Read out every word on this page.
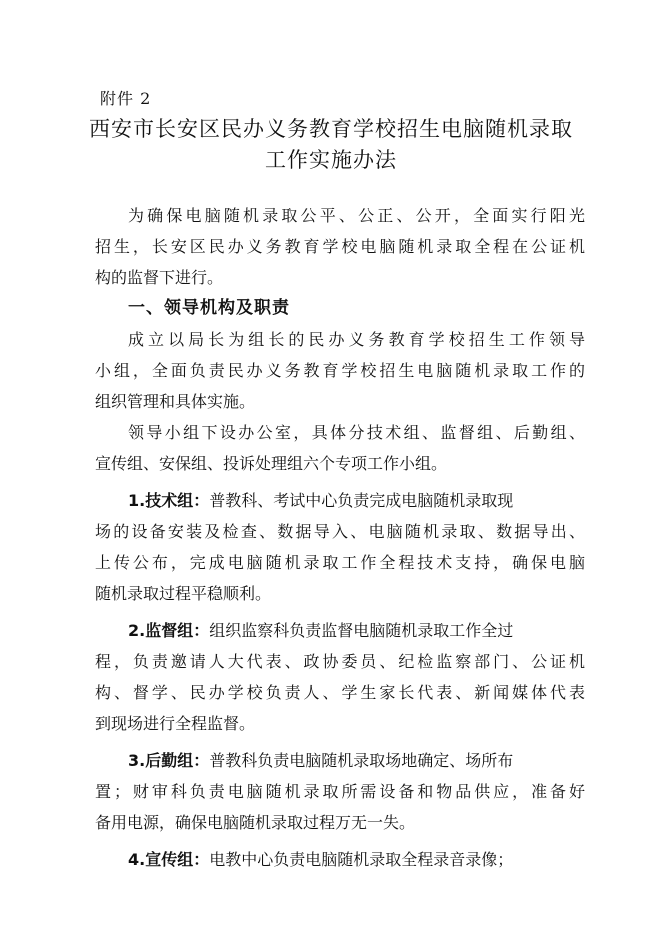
附件 2
西安市长安区民办义务教育学校招生电脑随机录取
工作实施办法
为确保电脑随机录取公平、公正、公开，全面实行阳光
招生，长安区民办义务教育学校电脑随机录取全程在公证机
构的监督下进行。
一、领导机构及职责
成立以局长为组长的民办义务教育学校招生工作领导
小组，全面负责民办义务教育学校招生电脑随机录取工作的
组织管理和具体实施。
领导小组下设办公室，具体分技术组、监督组、后勤组、
宣传组、安保组、投诉处理组六个专项工作小组。
1.技术组：普教科、考试中心负责完成电脑随机录取现
场的设备安装及检查、数据导入、电脑随机录取、数据导出、
上传公布，完成电脑随机录取工作全程技术支持，确保电脑
随机录取过程平稳顺利。
2.监督组：组织监察科负责监督电脑随机录取工作全过
程，负责邀请人大代表、政协委员、纪检监察部门、公证机
构、督学、民办学校负责人、学生家长代表、新闻媒体代表
到现场进行全程监督。
3.后勤组：普教科负责电脑随机录取场地确定、场所布
置；财审科负责电脑随机录取所需设备和物品供应，准备好
备用电源，确保电脑随机录取过程万无一失。
4.宣传组：电教中心负责电脑随机录取全程录音录像；
